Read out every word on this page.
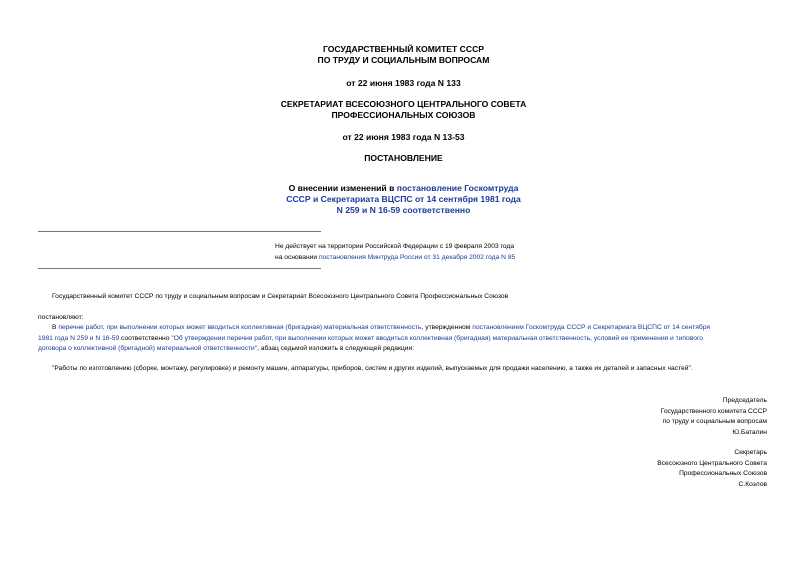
ГОСУДАРСТВЕННЫЙ КОМИТЕТ СССР
ПО ТРУДУ И СОЦИАЛЬНЫМ ВОПРОСАМ
от 22 июня 1983 года N 133
СЕКРЕТАРИАТ ВСЕСОЮЗНОГО ЦЕНТРАЛЬНОГО СОВЕТА
ПРОФЕССИОНАЛЬНЫХ СОЮЗОВ
от 22 июня 1983 года N 13-53
ПОСТАНОВЛЕНИЕ
О внесении изменений в постановление Госкомтруда
СССР и Секретариата ВЦСПС от 14 сентября 1981 года
N 259 и N 16-59 соответственно
Не действует на территории Российской Федерации с 19 февраля 2003 года
на основании постановления Минтруда России от 31 декабря 2002 года N 85
Государственный комитет СССР по труду и социальным вопросам и Секретариат Всесоюзного Центрального Совета Профессиональных Союзов
постановляют:
В перечне работ, при выполнении которых может вводиться коллективная (бригадная) материальная ответственность, утвержденном постановлением Госкомтруда СССР и Секретариата ВЦСПС от 14 сентября
1981 года N 259 и N 16-59 соответственно "Об утверждении перечня работ, при выполнении которых может вводиться коллективная (бригадная) материальная ответственность, условий ее применения и типового
договора о коллективной (бригадной) материальной ответственности", абзац седьмой изложить в следующей редакции:
"Работы по изготовлению (сборке, монтажу, регулировке) и ремонту машин, аппаратуры, приборов, систем и других изделий, выпускаемых для продажи населению, а также их деталей и запасных частей".
Председатель
Государственного комитета СССР
по труду и социальным вопросам
Ю.Баталин
Секретарь
Всесоюзного Центрального Совета
Профессиональных Союзов
С.Козлов
